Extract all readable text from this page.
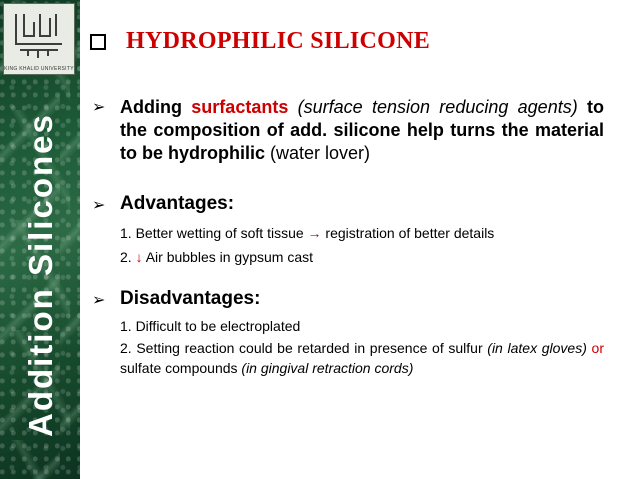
KING KHALID UNIVERSITY
Addition Silicones
HYDROPHILIC SILICONE
➢ Adding surfactants (surface tension reducing agents) to the composition of add. silicone help turns the material to be hydrophilic (water lover)
➢ Advantages:
1. Better wetting of soft tissue → registration of better details
2. ↓ Air bubbles in gypsum cast
➢ Disadvantages:
1. Difficult to be electroplated
2. Setting reaction could be retarded in presence of sulfur (in latex gloves) or sulfate compounds (in gingival retraction cords)
